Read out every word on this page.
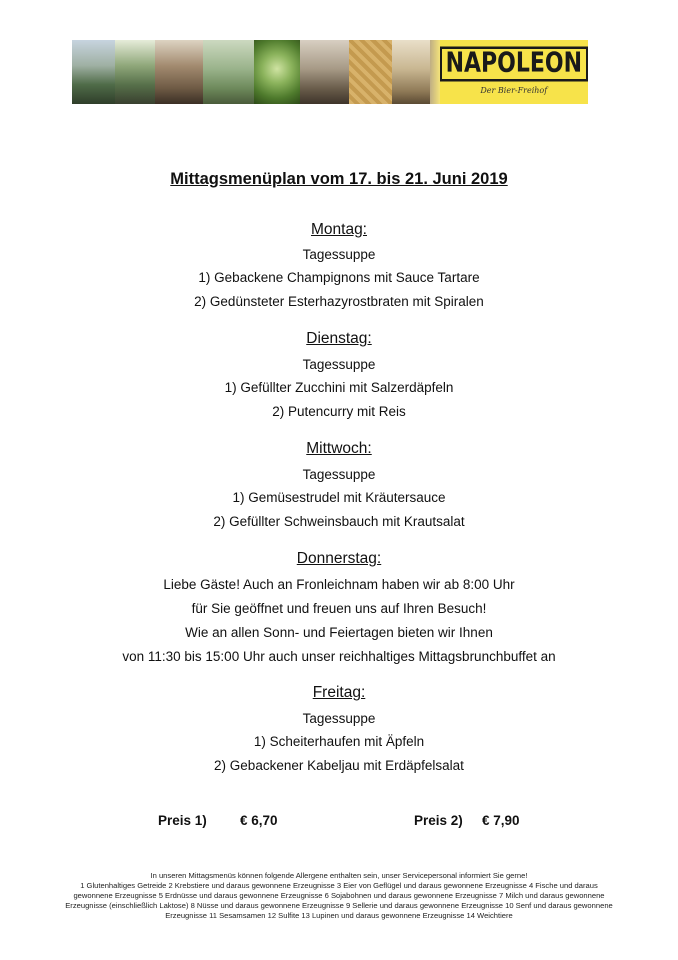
NAPOLEON
Der Bier-Freihof
Mittagsmenüplan vom 17. bis 21. Juni 2019
Montag:
Tagessuppe
1) Gebackene Champignons mit Sauce Tartare
2) Gedünsteter Esterhazyrostbraten mit Spiralen
Dienstag:
Tagessuppe
1) Gefüllter Zucchini mit Salzerdäpfeln
2) Putencurry mit Reis
Mittwoch:
Tagessuppe
1) Gemüsestrudel mit Kräutersauce
2) Gefüllter Schweinsbauch mit Krautsalat
Donnerstag:
Liebe Gäste! Auch an Fronleichnam haben wir ab 8:00 Uhr
für Sie geöffnet und freuen uns auf Ihren Besuch!
Wie an allen Sonn- und Feiertagen bieten wir Ihnen
von 11:30 bis 15:00 Uhr auch unser reichhaltiges Mittagsbrunchbuffet an
Freitag:
Tagessuppe
1) Scheiterhaufen mit Äpfeln
2) Gebackener Kabeljau mit Erdäpfelsalat
Preis 1) € 6,70	Preis 2) € 7,90
In unseren Mittagsmenüs können folgende Allergene enthalten sein, unser Servicepersonal informiert Sie gerne!
1 Glutenhaltiges Getreide 2 Krebstiere und daraus gewonnene Erzeugnisse 3 Eier von Geflügel und daraus gewonnene Erzeugnisse 4 Fische und daraus
gewonnene Erzeugnisse 5 Erdnüsse und daraus gewonnene Erzeugnisse 6 Sojabohnen und daraus gewonnene Erzeugnisse 7 Milch und daraus gewonnene
Erzeugnisse (einschließlich Laktose) 8 Nüsse und daraus gewonnene Erzeugnisse 9 Sellerie und daraus gewonnene Erzeugnisse 10 Senf und daraus gewonnene
Erzeugnisse 11 Sesamsamen 12 Sulfite 13 Lupinen und daraus gewonnene Erzeugnisse 14 Weichtiere
